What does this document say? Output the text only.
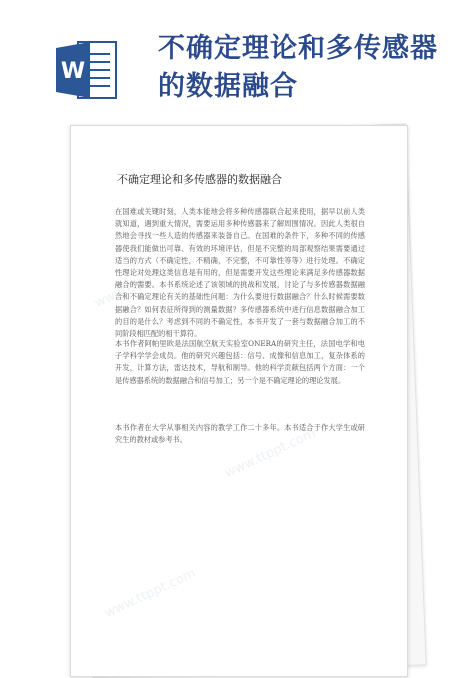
W
不确定理论和多传感器的数据融合
www.ttppt.com
www.ttppt.com
www.ttppt.com
不确定理论和多传感器的数据融合
在国难或关键时刻，人类本能地会将多种传感器联合起来使用，据早以前人类就知道，遇到重大情况，需要运用多种传感器来了解周围情况。因此人类很自然地会寻找一些人造的传感器来装备自己。在国难的条件下，多种不同的传感器使我们能做出可靠、有效的环境评估，但是不完整的局部观察结果需要通过适当的方式（不确定性，不精确，不完整，不可靠性等等）进行处理。不确定性理论对处理这类信息是有用的，但是需要开发这些理论来满足多传感器数据融合的需要。本书系统论述了该领域的挑战和发展，讨论了与多传感器数据融合和不确定理论有关的基础性问题：为什么要进行数据融合？什么时候需要数据融合？如何表征所得到的测量数据？多传感器系统中进行信息数据融合加工的目的是什么？考虑到不同的不确定性，本书开发了一套与数据融合加工的不同阶段相匹配的相干算符。
本书作者阿帕里欧是法国航空航天实验室ONERA的研究主任，法国电学和电子学科学学会成员。他的研究兴趣包括：信号、成像和信息加工，复杂体系的开发，计算方法，雷达技术，导航和制导。他的科学贡献包括两个方面：一个是传感器系统的数据融合和信号加工；另一个是不确定理论的理论发展。
本书作者在大学从事相关内容的教学工作二十多年。本书适合于作大学生或研究生的教材或参考书。
